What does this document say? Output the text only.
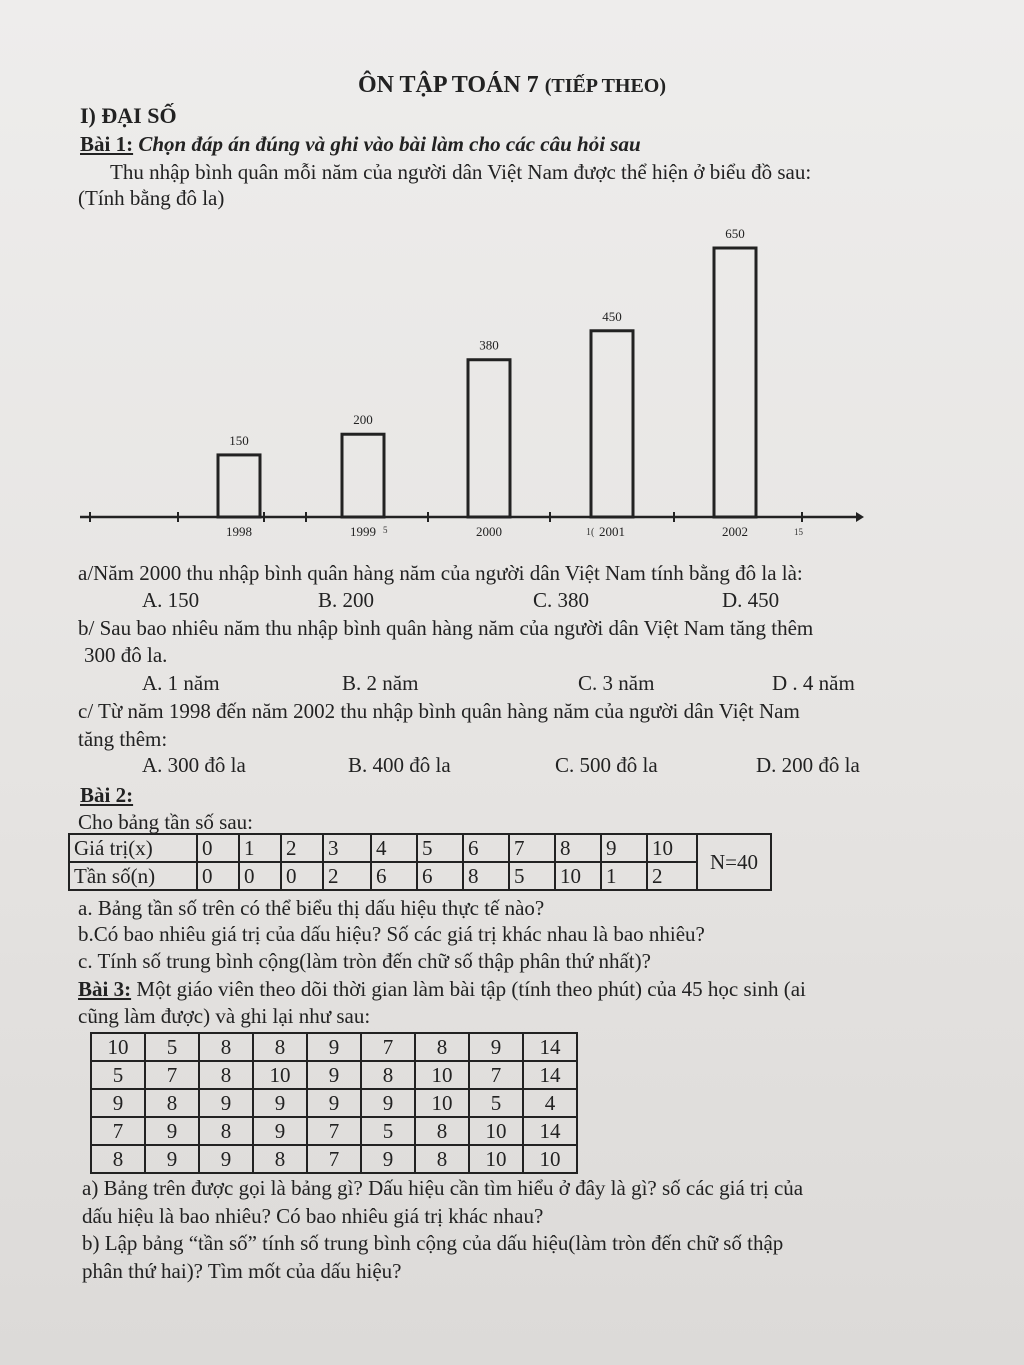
ÔN TẬP TOÁN 7 (TIẾP THEO)
I) ĐẠI SỐ
Bài 1: Chọn đáp án đúng và ghi vào bài làm cho các câu hỏi sau
Thu nhập bình quân mỗi năm của người dân Việt Nam được thể hiện ở biểu đồ sau:
(Tính bằng đô la)
150
1998
200
1999
380
2000
450
2001
650
2002
5	1(	15
a/Năm 2000 thu nhập bình quân hàng năm của người dân Việt Nam tính bằng đô la là:
A. 150	B. 200	C. 380	D. 450
b/ Sau bao nhiêu năm thu nhập bình quân hàng năm của người dân Việt Nam tăng thêm
300 đô la.
A. 1 năm	B. 2 năm	C. 3 năm	D . 4 năm
c/ Từ năm 1998 đến năm 2002 thu nhập bình quân hàng năm của người dân Việt Nam
tăng thêm:
A. 300 đô la	B. 400 đô la	C. 500 đô la	D. 200 đô la
Bài 2:
Cho bảng tần số sau:
Giá trị(x)	0	1	2	3	4	5	6	7	8	9	10	N=40
Tần số(n)	0	0	0	2	6	6	8	5	10	1	2	
a. Bảng tần số trên có thể biểu thị dấu hiệu thực tế nào?
b.Có bao nhiêu giá trị của dấu hiệu? Số các giá trị khác nhau là bao nhiêu?
c. Tính số trung bình cộng(làm tròn đến chữ số thập phân thứ nhất)?
Bài 3: Một giáo viên theo dõi thời gian làm bài tập (tính theo phút) của 45 học sinh (ai
cũng làm được) và ghi lại như sau:
10	5	8	8	9	7	8	9	14
5	7	8	10	9	8	10	7	14
9	8	9	9	9	9	10	5	4
7	9	8	9	7	5	8	10	14
8	9	9	8	7	9	8	10	10
a) Bảng trên được gọi là bảng gì? Dấu hiệu cần tìm hiểu ở đây là gì? số các giá trị của
dấu hiệu là bao nhiêu? Có bao nhiêu giá trị khác nhau?
b) Lập bảng “tần số” tính số trung bình cộng của dấu hiệu(làm tròn đến chữ số thập
phân thứ hai)? Tìm mốt của dấu hiệu?
